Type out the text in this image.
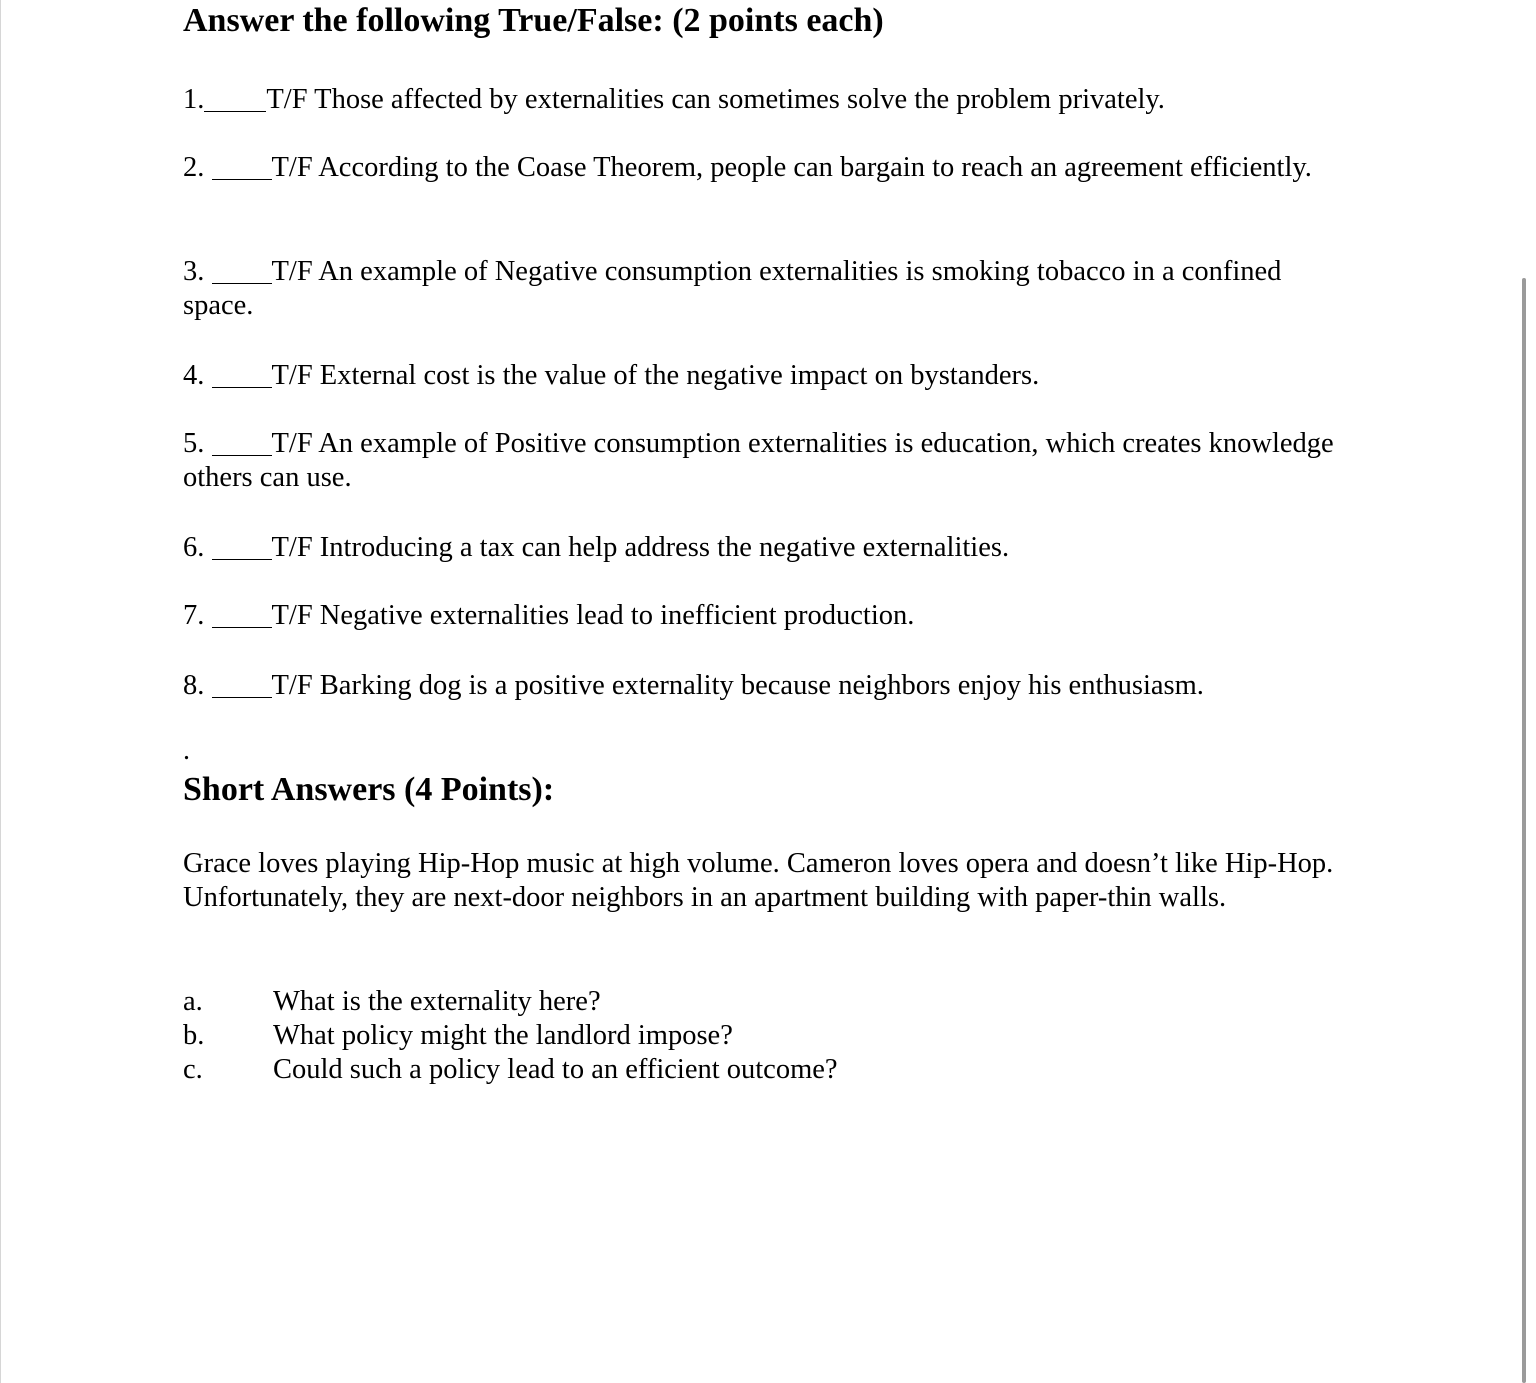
Answer the following True/False: (2 points each)
1. T/F Those affected by externalities can sometimes solve the problem privately.
2. T/F According to the Coase Theorem, people can bargain to reach an agreement efficiently.
3. T/F An example of Negative consumption externalities is smoking tobacco in a confined space.
4. T/F External cost is the value of the negative impact on bystanders.
5. T/F An example of Positive consumption externalities is education, which creates knowledge others can use.
6. T/F Introducing a tax can help address the negative externalities.
7. T/F Negative externalities lead to inefficient production.
8. T/F Barking dog is a positive externality because neighbors enjoy his enthusiasm.
.
Short Answers (4 Points):
Grace loves playing Hip-Hop music at high volume. Cameron loves opera and doesn’t like Hip-Hop. Unfortunately, they are next-door neighbors in an apartment building with paper-thin walls.
a. What is the externality here?
b. What policy might the landlord impose?
c. Could such a policy lead to an efficient outcome?
